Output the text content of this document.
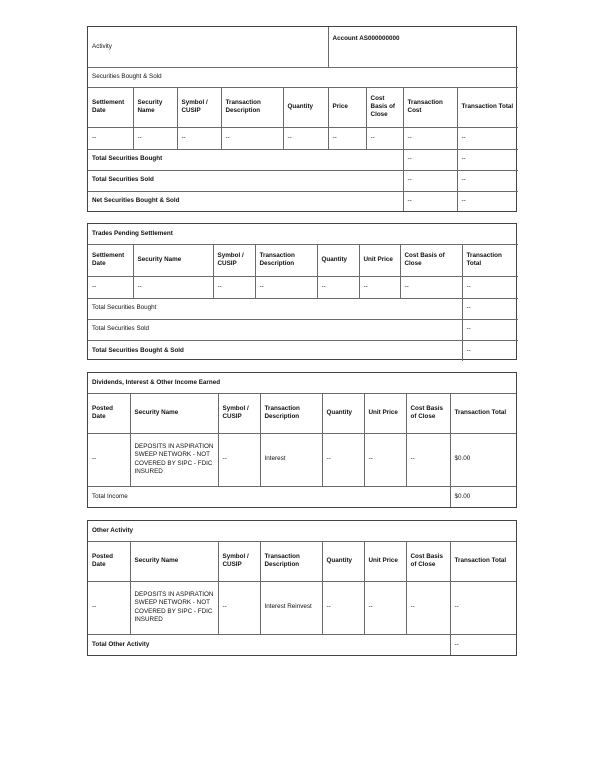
Activity					Account AS000000000			
Securities Bought & Sold								
Settlement Date	Security Name	Symbol / CUSIP	Transaction Description	Quantity	Price	Cost Basis of Close	Transaction Cost	Transaction Total
--	--	--	--	--	--	--	--	--
Total Securities Bought							--	--
Total Securities Sold							--	--
Net Securities Bought & Sold							--	--
Trades Pending Settlement							
Settlement Date	Security Name	Symbol / CUSIP	Transaction Description	Quantity	Unit Price	Cost Basis of Close	Transaction Total
--	--	--	--	--	--	--	--
Total Securities Bought							--
Total Securities Sold							--
Total Securities Bought & Sold							--
Dividends, Interest & Other Income Earned							
Posted Date	Security Name	Symbol / CUSIP	Transaction Description	Quantity	Unit Price	Cost Basis of Close	Transaction Total
--	DEPOSITS IN ASPIRATION SWEEP NETWORK - NOT COVERED BY SIPC - FDIC INSURED	--	Interest	--	--	--	$0.00
Total Income							$0.00
Other Activity							
Posted Date	Security Name	Symbol / CUSIP	Transaction Description	Quantity	Unit Price	Cost Basis of Close	Transaction Total
--	DEPOSITS IN ASPIRATION SWEEP NETWORK - NOT COVERED BY SIPC - FDIC INSURED	--	Interest Reinvest	--	--	--	--
Total Other Activity							--
